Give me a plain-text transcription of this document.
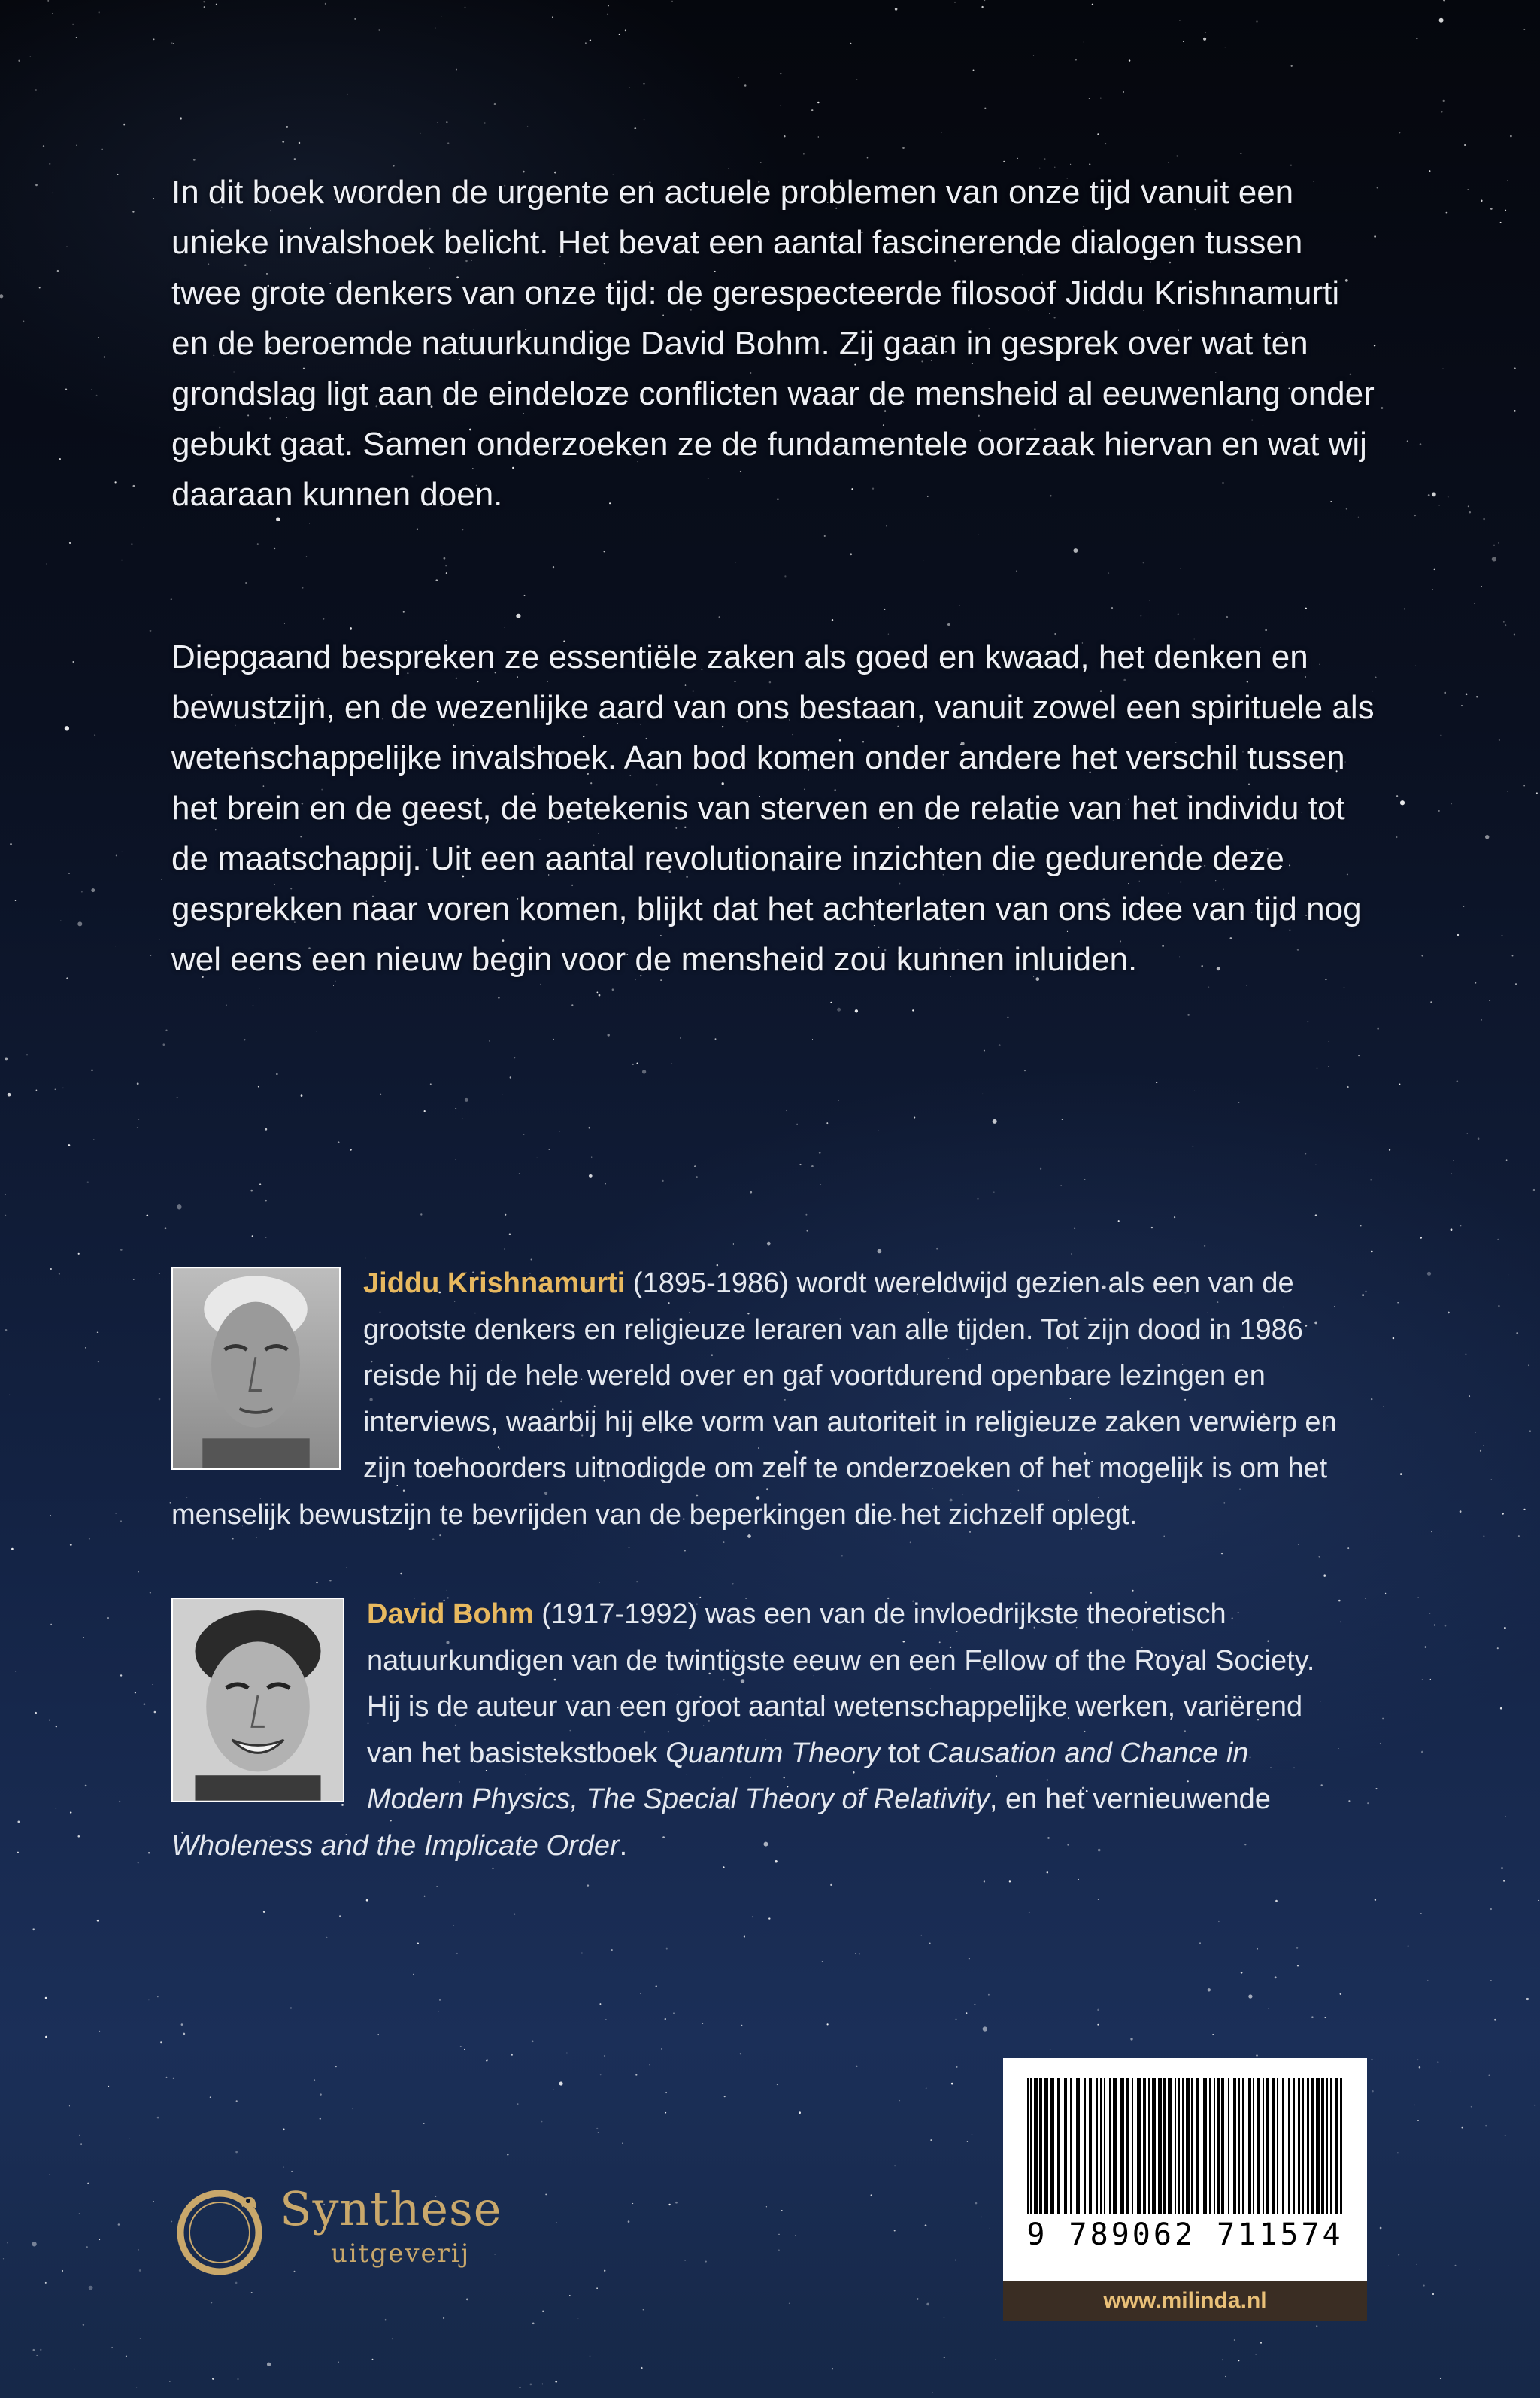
In dit boek worden de urgente en actuele problemen van onze tijd vanuit een unieke invalshoek belicht. Het bevat een aantal fascinerende dialogen tussen twee grote denkers van onze tijd: de gerespecteerde filosoof Jiddu Krishnamurti en de beroemde natuurkundige David Bohm. Zij gaan in gesprek over wat ten grondslag ligt aan de eindeloze conflicten waar de mensheid al eeuwenlang onder gebukt gaat. Samen onderzoeken ze de fundamentele oorzaak hiervan en wat wij daaraan kunnen doen.

Diepgaand bespreken ze essentiële zaken als goed en kwaad, het denken en bewustzijn, en de wezenlijke aard van ons bestaan, vanuit zowel een spirituele als wetenschappelijke invalshoek. Aan bod komen onder andere het verschil tussen het brein en de geest, de betekenis van sterven en de relatie van het individu tot de maatschappij. Uit een aantal revolutionaire inzichten die gedurende deze gesprekken naar voren komen, blijkt dat het achterlaten van ons idee van tijd nog wel eens een nieuw begin voor de mensheid zou kunnen inluiden.

Jiddu Krishnamurti (1895-1986) wordt wereldwijd gezien als een van de grootste denkers en religieuze leraren van alle tijden. Tot zijn dood in 1986 reisde hij de hele wereld over en gaf voortdurend openbare lezingen en interviews, waarbij hij elke vorm van autoriteit in religieuze zaken verwierp en zijn toehoorders uitnodigde om zelf te onderzoeken of het mogelijk is om het menselijk bewustzijn te bevrijden van de beperkingen die het zichzelf oplegt.
David Bohm (1917-1992) was een van de invloedrijkste theoretisch natuurkundigen van de twintigste eeuw en een Fellow of the Royal Society. Hij is de auteur van een groot aantal wetenschappelijke werken, variërend van het basistekstboek Quantum Theory tot Causation and Chance in Modern Physics, The Special Theory of Relativity, en het vernieuwende Wholeness and the Implicate Order.
Synthese
uitgeverij
9 789062 711574
www.milinda.nl
